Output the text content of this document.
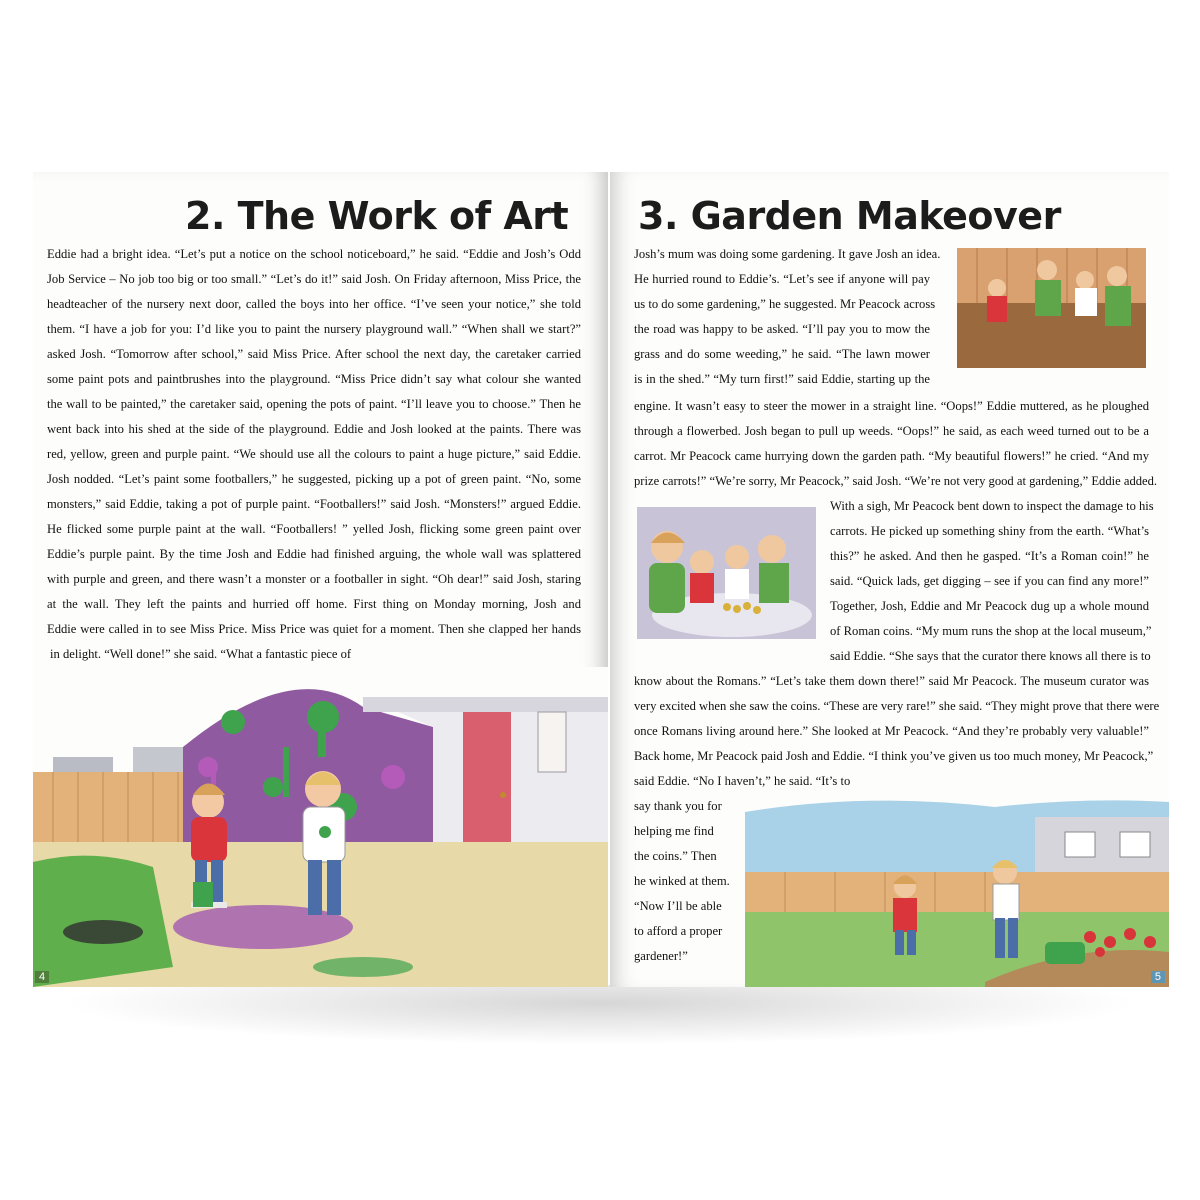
2. The Work of Art
Eddie had a bright idea. “Let’s put a notice on the school noticeboard,” he said. “Eddie and Josh’s Odd
Job Service – No job too big or too small.” “Let’s do it!” said Josh. On Friday afternoon, Miss Price, the
headteacher of the nursery next door, called the boys into her office. “I’ve seen your notice,” she told
them. “I have a job for you: I’d like you to paint the nursery playground wall.” “When shall we start?”
asked Josh. “Tomorrow after school,” said Miss Price. After school the next day, the caretaker carried
some paint pots and paintbrushes into the playground. “Miss Price didn’t say what colour she wanted
the wall to be painted,” the caretaker said, opening the pots of paint. “I’ll leave you to choose.” Then he
went back into his shed at the side of the playground. Eddie and Josh looked at the paints. There was
red, yellow, green and purple paint. “We should use all the colours to paint a huge picture,” said Eddie.
Josh nodded. “Let’s paint some footballers,” he suggested, picking up a pot of green paint. “No, some
monsters,” said Eddie, taking a pot of purple paint. “Footballers!” said Josh. “Monsters!” argued Eddie.
He flicked some purple paint at the wall. “Footballers! ” yelled Josh, flicking some green paint over
Eddie’s purple paint. By the time Josh and Eddie had finished arguing, the whole wall was splattered
with purple and green, and there wasn’t a monster or a footballer in sight. “Oh dear!” said Josh, staring
at the wall. They left the paints and hurried off home. First thing on Monday morning, Josh and
Eddie were called in to see Miss Price. Miss Price was quiet for a moment. Then she clapped her hands
in delight. “Well done!” she said. “What a fantastic piece of
4
3. Garden Makeover
Josh’s mum was doing some gardening. It gave Josh an idea.
He hurried round to Eddie’s. “Let’s see if anyone will pay
us to do some gardening,” he suggested. Mr Peacock across
the road was happy to be asked. “I’ll pay you to mow the
grass and do some weeding,” he said. “The lawn mower
is in the shed.” “My turn first!” said Eddie, starting up the
engine. It wasn’t easy to steer the mower in a straight line. “Oops!” Eddie muttered, as he ploughed
through a flowerbed. Josh began to pull up weeds. “Oops!” he said, as each weed turned out to be a
carrot. Mr Peacock came hurrying down the garden path. “My beautiful flowers!” he cried. “And my
prize carrots!” “We’re sorry, Mr Peacock,” said Josh. “We’re not very good at gardening,” Eddie added.
With a sigh, Mr Peacock bent down to inspect the damage to his
carrots. He picked up something shiny from the earth. “What’s
this?” he asked. And then he gasped. “It’s a Roman coin!” he
said. “Quick lads, get digging – see if you can find any more!”
Together, Josh, Eddie and Mr Peacock dug up a whole mound
of Roman coins. “My mum runs the shop at the local museum,”
said Eddie. “She says that the curator there knows all there is to
know about the Romans.” “Let’s take them down there!” said Mr Peacock. The museum curator was
very excited when she saw the coins. “These are very rare!” she said. “They might prove that there were
once Romans living around here.” She looked at Mr Peacock. “And they’re probably very valuable!”
Back home, Mr Peacock paid Josh and Eddie. “I think you’ve given us too much money, Mr Peacock,”
said Eddie. “No I haven’t,” he said. “It’s to
say thank you for
helping me find
the coins.” Then
he winked at them.
“Now I’ll be able
to afford a proper
gardener!”
5
